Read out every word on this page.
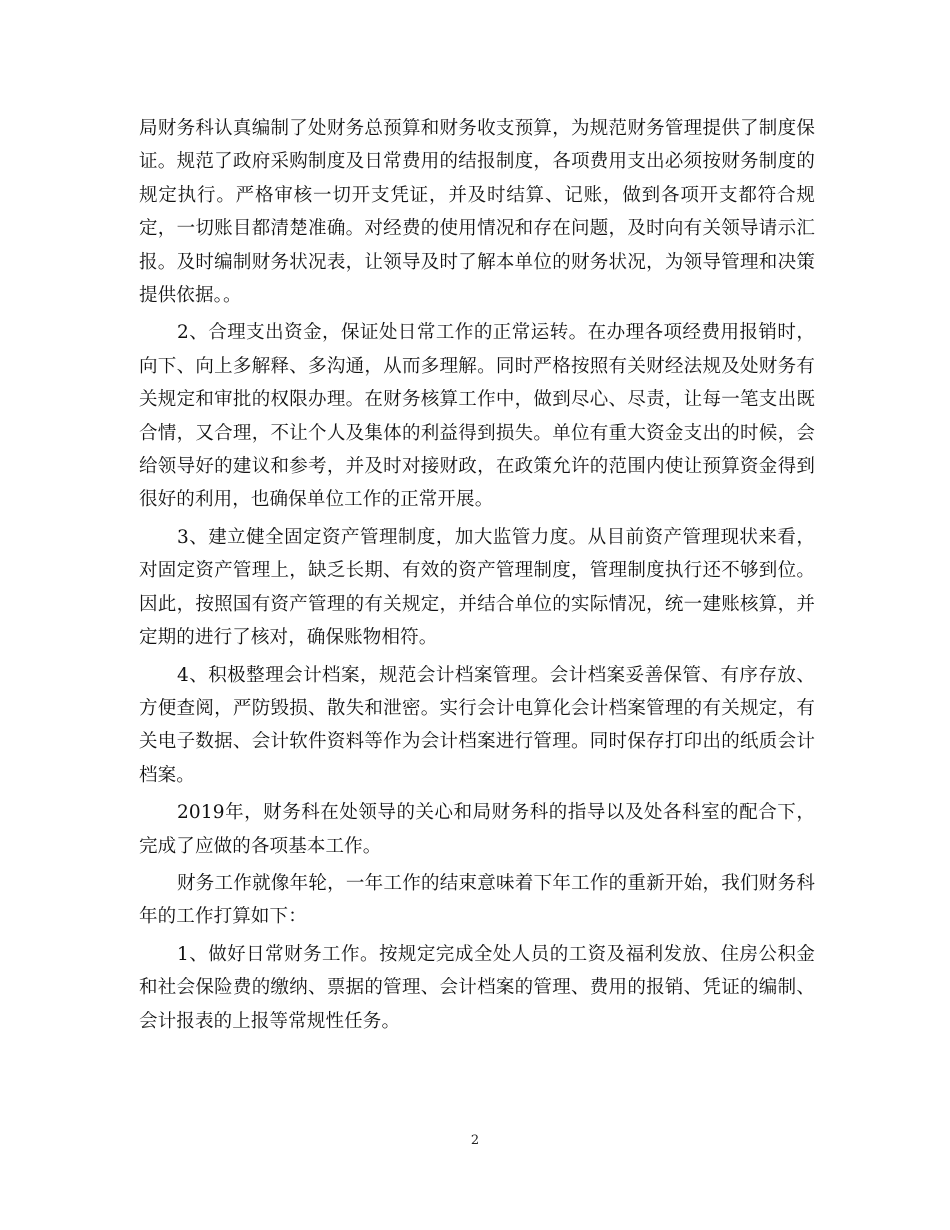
局财务科认真编制了处财务总预算和财务收支预算，为规范财务管理提供了制度保证。规范了政府采购制度及日常费用的结报制度，各项费用支出必须按财务制度的规定执行。严格审核一切开支凭证，并及时结算、记账，做到各项开支都符合规定，一切账目都清楚准确。对经费的使用情况和存在问题，及时向有关领导请示汇报。及时编制财务状况表，让领导及时了解本单位的财务状况，为领导管理和决策提供依据。。

2、合理支出资金，保证处日常工作的正常运转。在办理各项经费用报销时，向下、向上多解释、多沟通，从而多理解。同时严格按照有关财经法规及处财务有关规定和审批的权限办理。在财务核算工作中，做到尽心、尽责，让每一笔支出既合情，又合理，不让个人及集体的利益得到损失。单位有重大资金支出的时候，会给领导好的建议和参考，并及时对接财政，在政策允许的范围内使让预算资金得到很好的利用，也确保单位工作的正常开展。

3、建立健全固定资产管理制度，加大监管力度。从目前资产管理现状来看，对固定资产管理上，缺乏长期、有效的资产管理制度，管理制度执行还不够到位。因此，按照国有资产管理的有关规定，并结合单位的实际情况，统一建账核算，并定期的进行了核对，确保账物相符。

4、积极整理会计档案，规范会计档案管理。会计档案妥善保管、有序存放、方便查阅，严防毁损、散失和泄密。实行会计电算化会计档案管理的有关规定，有关电子数据、会计软件资料等作为会计档案进行管理。同时保存打印出的纸质会计档案。

2019年，财务科在处领导的关心和局财务科的指导以及处各科室的配合下，完成了应做的各项基本工作。

财务工作就像年轮，一年工作的结束意味着下年工作的重新开始，我们财务科年的工作打算如下：

1、做好日常财务工作。按规定完成全处人员的工资及福利发放、住房公积金和社会保险费的缴纳、票据的管理、会计档案的管理、费用的报销、凭证的编制、会计报表的上报等常规性任务。

2
